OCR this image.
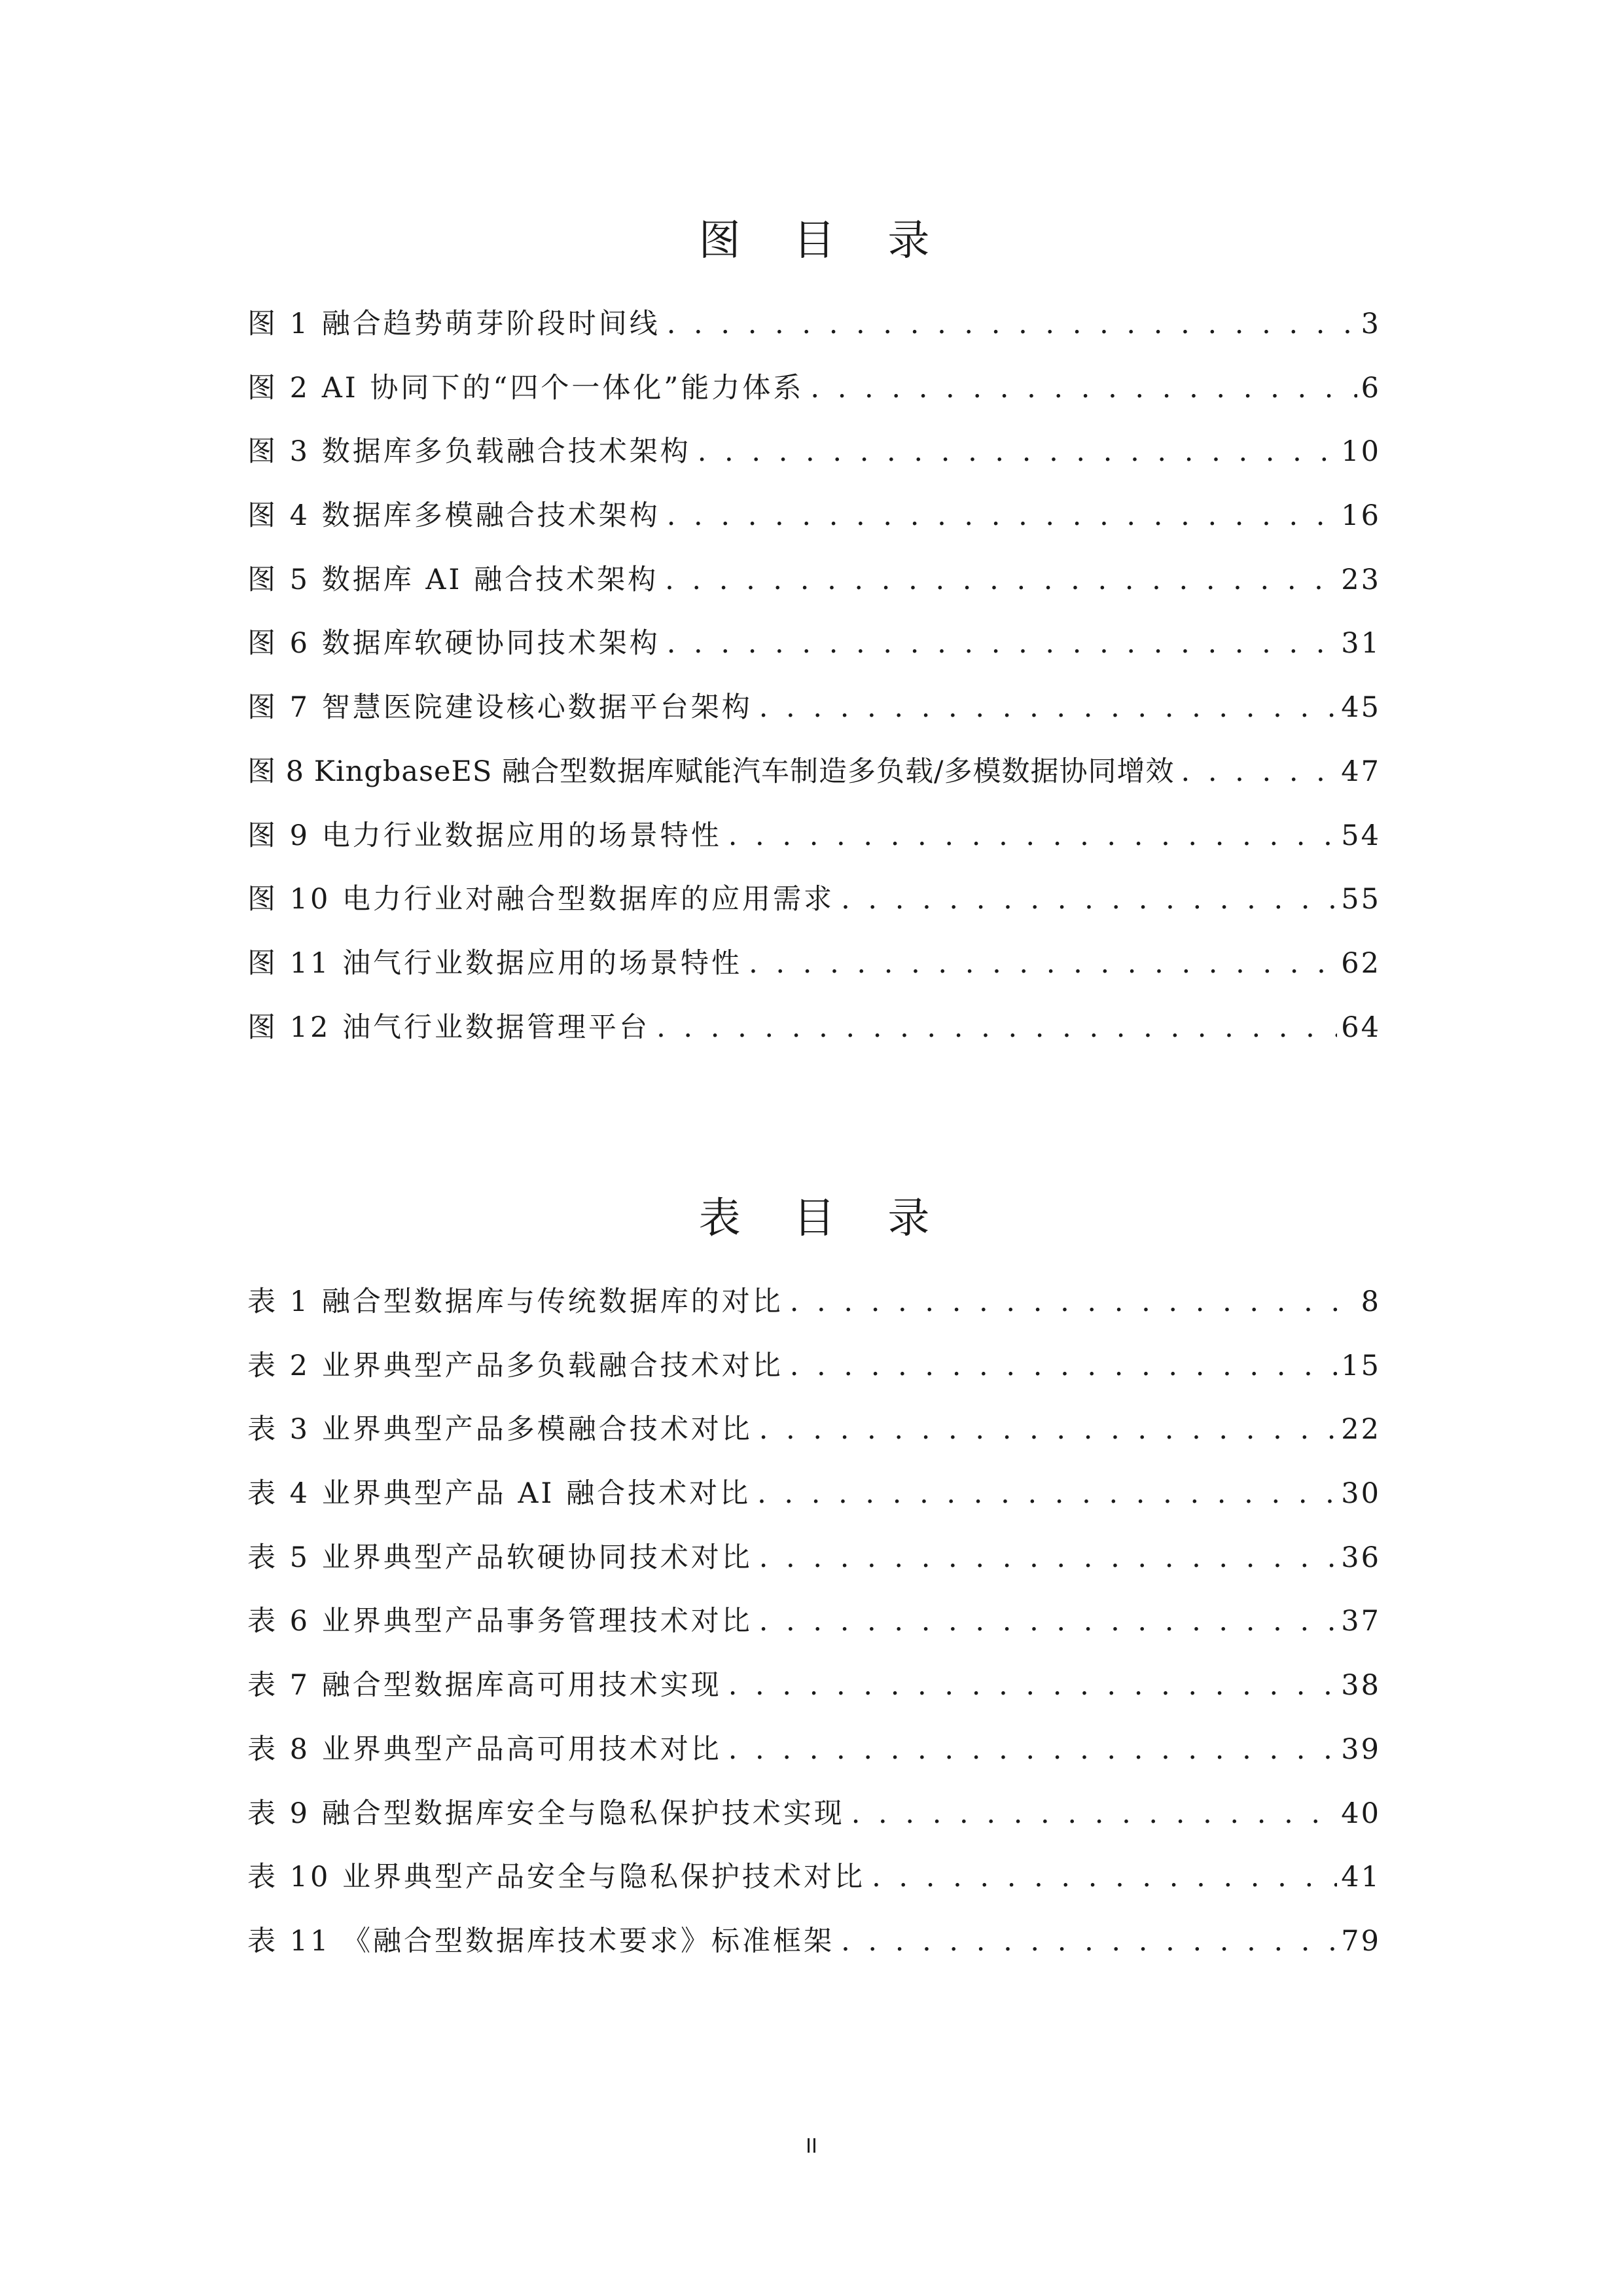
图 目 录
图 1 融合趋势萌芽阶段时间线 . . .	3
图 2 AI 协同下的“四个一体化”能力体系 . . .	6
图 3 数据库多负载融合技术架构 . . .	10
图 4 数据库多模融合技术架构 . . .	16
图 5 数据库 AI 融合技术架构 . . .	23
图 6 数据库软硬协同技术架构 . . .	31
图 7 智慧医院建设核心数据平台架构 . . .	45
图 8 KingbaseES 融合型数据库赋能汽车制造多负载/多模数据协同增效 . . .	47
图 9 电力行业数据应用的场景特性 . . .	54
图 10 电力行业对融合型数据库的应用需求 . . .	55
图 11 油气行业数据应用的场景特性 . . .	62
图 12 油气行业数据管理平台 . . .	64
表 目 录
表 1 融合型数据库与传统数据库的对比 . . .	8
表 2 业界典型产品多负载融合技术对比 . . .	15
表 3 业界典型产品多模融合技术对比 . . .	22
表 4 业界典型产品 AI 融合技术对比 . . .	30
表 5 业界典型产品软硬协同技术对比 . . .	36
表 6 业界典型产品事务管理技术对比 . . .	37
表 7 融合型数据库高可用技术实现 . . .	38
表 8 业界典型产品高可用技术对比 . . .	39
表 9 融合型数据库安全与隐私保护技术实现 . . .	40
表 10 业界典型产品安全与隐私保护技术对比 . . .	41
表 11 《融合型数据库技术要求》标准框架 . . .	79
II
